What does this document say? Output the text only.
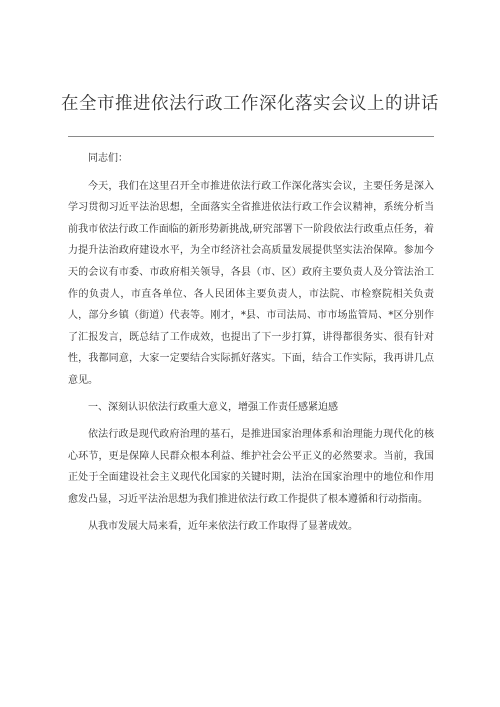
在全市推进依法行政工作深化落实会议上的讲话

同志们：

今天，我们在这里召开全市推进依法行政工作深化落实会议，主要任务是深入学习贯彻习近平法治思想，全面落实全省推进依法行政工作会议精神，系统分析当前我市依法行政工作面临的新形势新挑战,研究部署下一阶段依法行政重点任务，着力提升法治政府建设水平，为全市经济社会高质量发展提供坚实法治保障。参加今天的会议有市委、市政府相关领导，各县（市、区）政府主要负责人及分管法治工作的负责人，市直各单位、各人民团体主要负责人，市法院、市检察院相关负责人，部分乡镇（街道）代表等。刚才，*县、市司法局、市市场监管局、*区分别作了汇报发言，既总结了工作成效，也提出了下一步打算，讲得都很务实、很有针对性，我都同意，大家一定要结合实际抓好落实。下面，结合工作实际，我再讲几点意见。

一、深刻认识依法行政重大意义，增强工作责任感紧迫感

依法行政是现代政府治理的基石，是推进国家治理体系和治理能力现代化的核心环节，更是保障人民群众根本利益、维护社会公平正义的必然要求。当前，我国正处于全面建设社会主义现代化国家的关键时期，法治在国家治理中的地位和作用愈发凸显，习近平法治思想为我们推进依法行政工作提供了根本遵循和行动指南。

从我市发展大局来看，近年来依法行政工作取得了显著成效。
